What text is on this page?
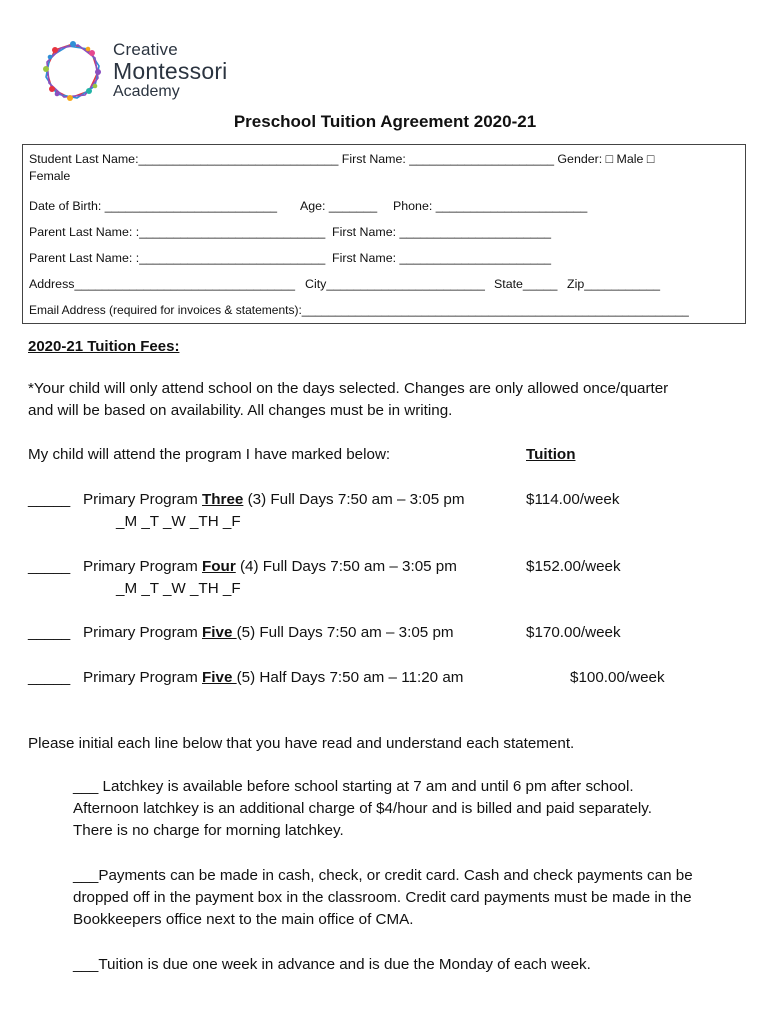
Creative
Montessori
Academy
Preschool Tuition Agreement 2020-21
Student Last Name:_____________________________ First Name: _____________________ Gender: □ Male □
Female
Date of Birth: _________________________ Age: _______ Phone: ______________________
Parent Last Name: :___________________________ First Name: ______________________
Parent Last Name: :___________________________ First Name: ______________________
Address________________________________ City_______________________ State_____ Zip___________
Email Address (required for invoices & statements):__________________________________________________________
2020-21 Tuition Fees:
*Your child will only attend school on the days selected. Changes are only allowed once/quarter
and will be based on availability. All changes must be in writing.
My child will attend the program I have marked below:	Tuition
_____ Primary Program Three (3) Full Days 7:50 am – 3:05 pm
_M _T _W _TH _F
$114.00/week
_____ Primary Program Four (4) Full Days 7:50 am – 3:05 pm
_M _T _W _TH _F
$152.00/week
_____ Primary Program Five (5) Full Days 7:50 am – 3:05 pm	$170.00/week
_____ Primary Program Five (5) Half Days 7:50 am – 11:20 am	$100.00/week
Please initial each line below that you have read and understand each statement.
___ Latchkey is available before school starting at 7 am and until 6 pm after school.
Afternoon latchkey is an additional charge of $4/hour and is billed and paid separately.
There is no charge for morning latchkey.
___Payments can be made in cash, check, or credit card. Cash and check payments can be
dropped off in the payment box in the classroom. Credit card payments must be made in the
Bookkeepers office next to the main office of CMA.
___Tuition is due one week in advance and is due the Monday of each week.
